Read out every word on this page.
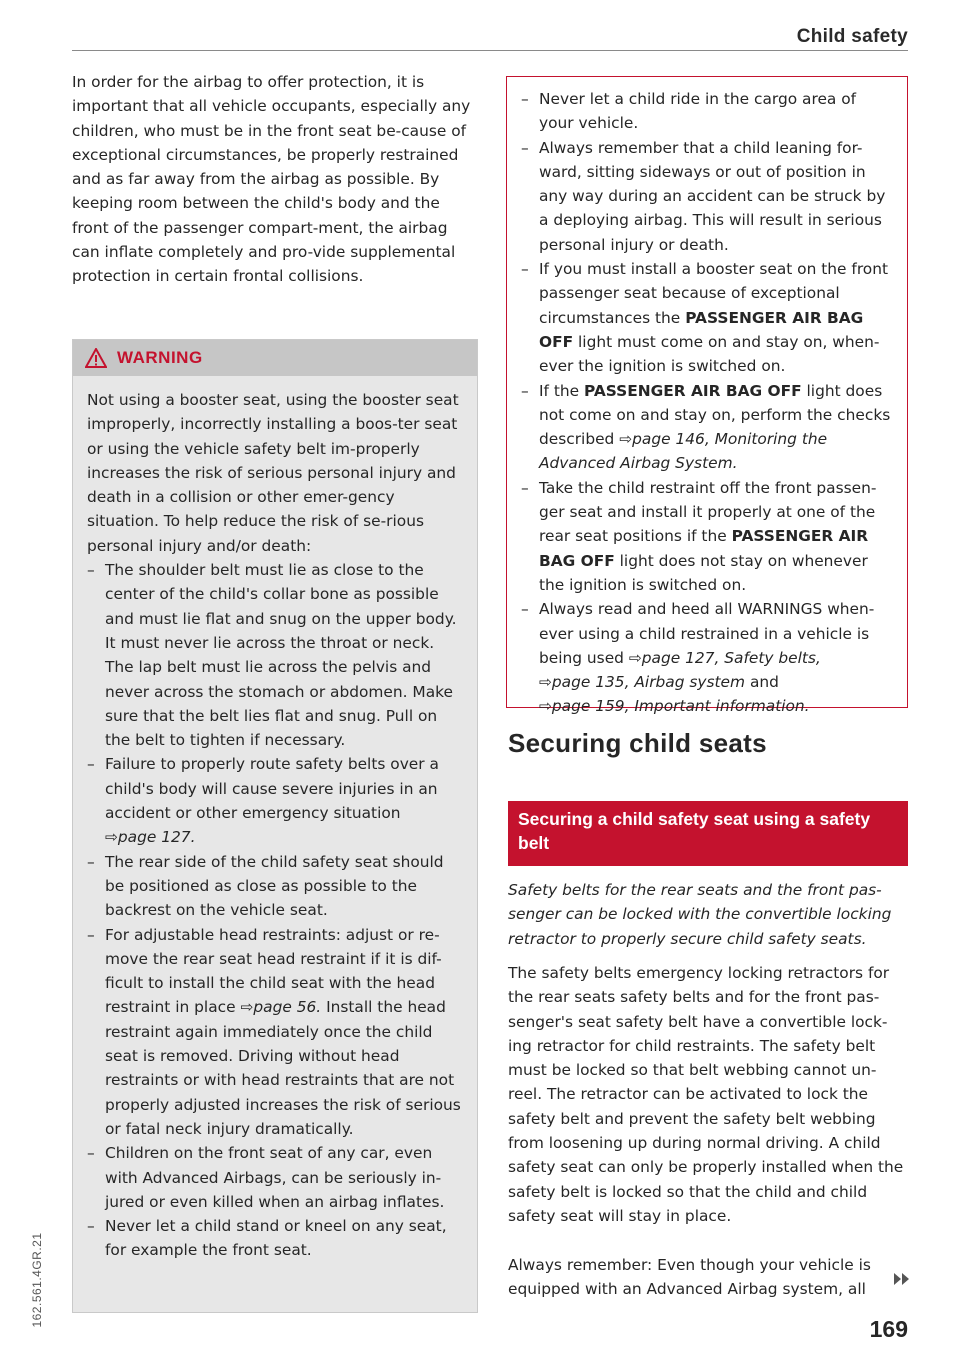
Child safety
162.561.4GR.21

In order for the airbag to offer protection, it is important that all vehicle occupants, especially any children, who must be in the front seat be-cause of exceptional circumstances, be properly restrained and as far away from the airbag as possible. By keeping room between the child's body and the front of the passenger compart-ment, the airbag can inflate completely and pro-vide supplemental protection in certain frontal collisions.

WARNING

Not using a booster seat, using the booster seat improperly, incorrectly installing a boos-ter seat or using the vehicle safety belt im-properly increases the risk of serious personal injury and death in a collision or other emer-gency situation. To help reduce the risk of se-rious personal injury and/or death:

– The shoulder belt must lie as close to the center of the child's collar bone as possible and must lie flat and snug on the upper body. It must never lie across the throat or neck. The lap belt must lie across the pelvis and never across the stomach or abdomen. Make sure that the belt lies flat and snug. Pull on the belt to tighten if necessary.
– Failure to properly route safety belts over a child's body will cause severe injuries in an accident or other emergency situation
⇨page 127.
– The rear side of the child safety seat should be positioned as close as possible to the backrest on the vehicle seat.
– For adjustable head restraints: adjust or re-move the rear seat head restraint if it is dif-ficult to install the child seat with the head restraint in place ⇨page 56. Install the head restraint again immediately once the child seat is removed. Driving without head restraints or with head restraints that are not properly adjusted increases the risk of serious or fatal neck injury dramatically.
– Children on the front seat of any car, even with Advanced Airbags, can be seriously in-jured or even killed when an airbag inflates.
– Never let a child stand or kneel on any seat, for example the front seat.
– Never let a child ride in the cargo area of your vehicle.
– Always remember that a child leaning for-ward, sitting sideways or out of position in any way during an accident can be struck by a deploying airbag. This will result in serious personal injury or death.
– If you must install a booster seat on the front passenger seat because of exceptional circumstances the PASSENGER AIR BAG OFF light must come on and stay on, when-ever the ignition is switched on.
– If the PASSENGER AIR BAG OFF light does not come on and stay on, perform the checks described ⇨page 146, Monitoring the Advanced Airbag System.
– Take the child restraint off the front passen-ger seat and install it properly at one of the rear seat positions if the PASSENGER AIR BAG OFF light does not stay on whenever the ignition is switched on.
– Always read and heed all WARNINGS when-ever using a child restrained in a vehicle is being used ⇨page 127, Safety belts,
⇨page 135, Airbag system and
⇨page 159, Important information.
Securing child seats
Securing a child safety seat using a safety
belt

Safety belts for the rear seats and the front pas-senger can be locked with the convertible locking retractor to properly secure child safety seats.

The safety belts emergency locking retractors for the rear seats safety belts and for the front pas-senger's seat safety belt have a convertible lock-ing retractor for child restraints. The safety belt must be locked so that belt webbing cannot un-reel. The retractor can be activated to lock the safety belt and prevent the safety belt webbing from loosening up during normal driving. A child safety seat can only be properly installed when the safety belt is locked so that the child and child safety seat will stay in place.

Always remember: Even though your vehicle is equipped with an Advanced Airbag system, all

169
